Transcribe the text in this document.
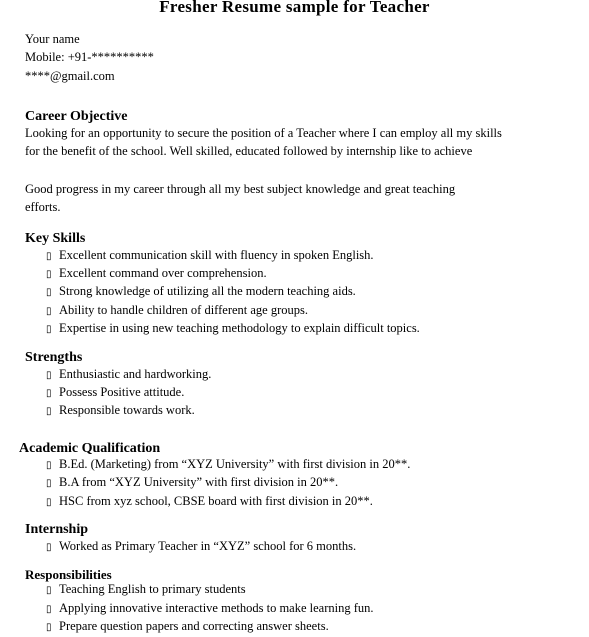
Fresher Resume sample for Teacher
Your name
Mobile: +91-**********
****@gmail.com
Career Objective
Looking for an opportunity to secure the position of a Teacher where I can employ all my skills
for the benefit of the school. Well skilled, educated followed by internship like to achieve
Good progress in my career through all my best subject knowledge and great teaching
efforts.
Key Skills
▯ Excellent communication skill with fluency in spoken English.
▯ Excellent command over comprehension.
▯ Strong knowledge of utilizing all the modern teaching aids.
▯ Ability to handle children of different age groups.
▯ Expertise in using new teaching methodology to explain difficult topics.
Strengths
▯ Enthusiastic and hardworking.
▯ Possess Positive attitude.
▯ Responsible towards work.
Academic Qualification
▯ B.Ed. (Marketing) from “XYZ University” with first division in 20**.
▯ B.A from “XYZ University” with first division in 20**.
▯ HSC from xyz school, CBSE board with first division in 20**.
Internship
▯ Worked as Primary Teacher in “XYZ” school for 6 months.
Responsibilities
▯ Teaching English to primary students
▯ Applying innovative interactive methods to make learning fun.
▯ Prepare question papers and correcting answer sheets.
